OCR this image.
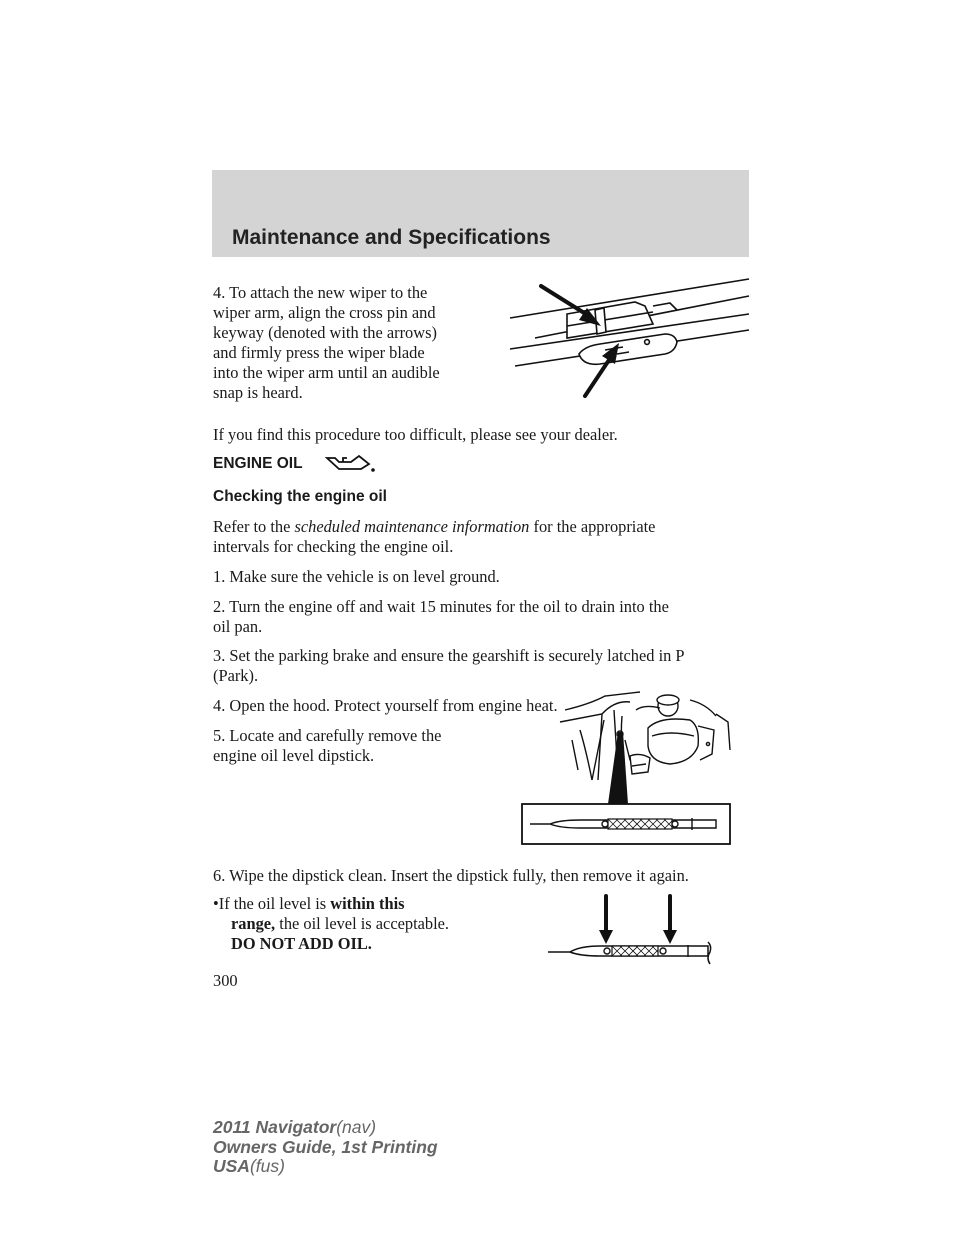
Maintenance and Specifications

4. To attach the new wiper to the

wiper arm, align the cross pin and

keyway (denoted with the arrows)

and firmly press the wiper blade

into the wiper arm until an audible

snap is heard.

If you find this procedure too difficult, please see your dealer.

ENGINE OIL

Checking the engine oil

Refer to the scheduled maintenance information for the appropriate

intervals for checking the engine oil.

1. Make sure the vehicle is on level ground.

2. Turn the engine off and wait 15 minutes for the oil to drain into the

oil pan.

3. Set the parking brake and ensure the gearshift is securely latched in P

(Park).

4. Open the hood. Protect yourself from engine heat.

5. Locate and carefully remove the

engine oil level dipstick.

6. Wipe the dipstick clean. Insert the dipstick fully, then remove it again.

•If the oil level is within this

range, the oil level is acceptable.

DO NOT ADD OIL.

300
2011 Navigator(nav)
Owners Guide, 1st Printing
USA(fus)
